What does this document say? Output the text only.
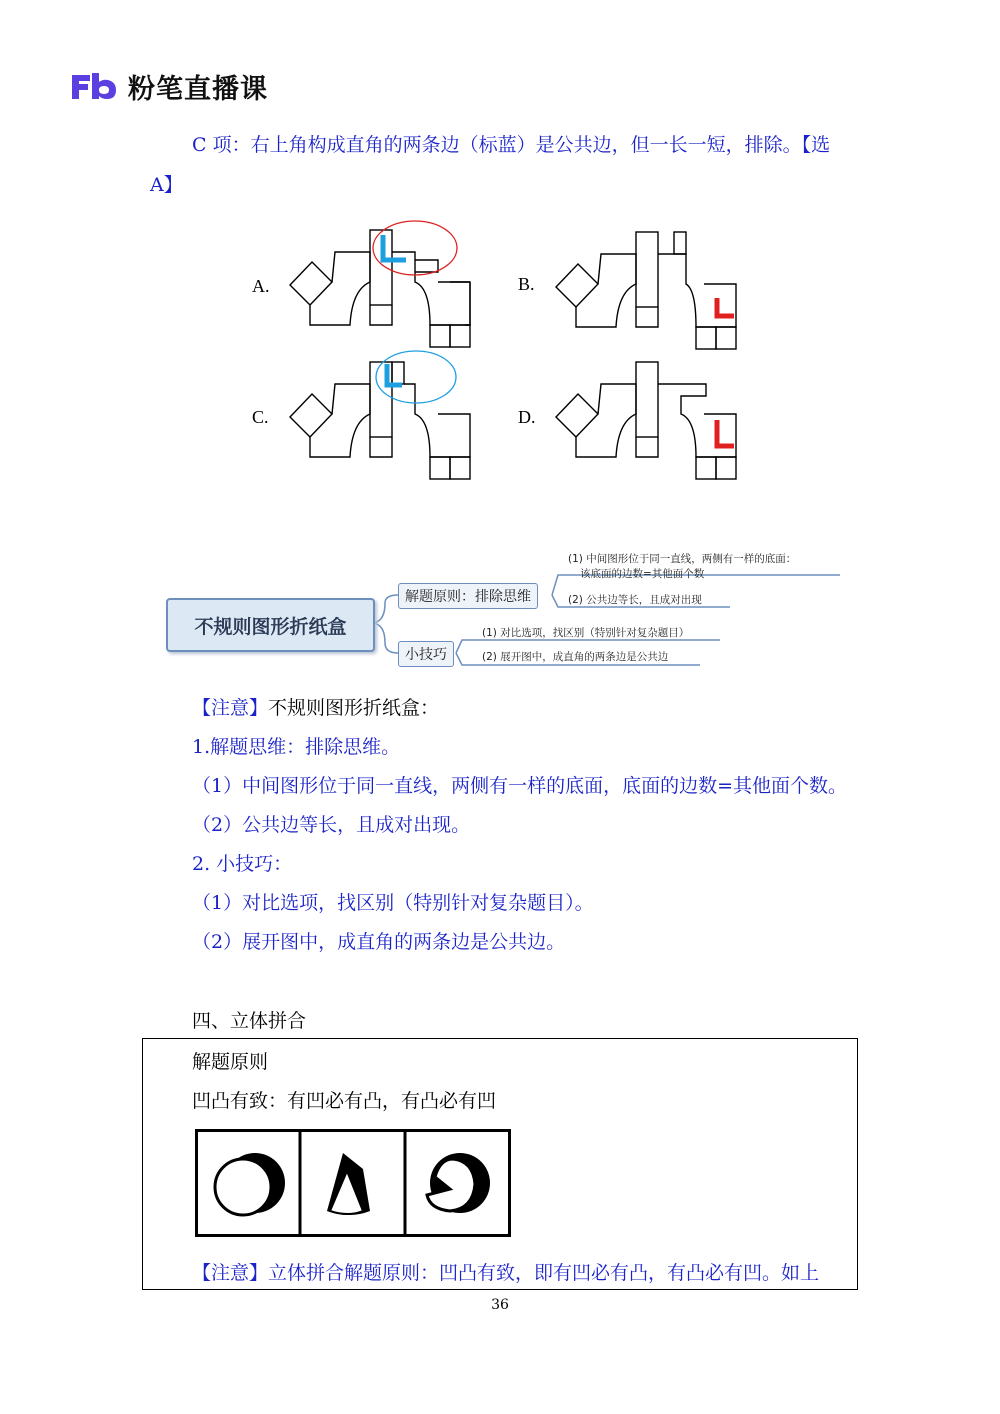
粉笔直播课
C 项：右上角构成直角的两条边（标蓝）是公共边，但一长一短，排除。【选
A】
A.	B.
C.	D.
不规则图形折纸盒
解题原则：排除思维
小技巧
(1) 中间图形位于同一直线，两侧有一样的底面：
该底面的边数=其他面个数
(2) 公共边等长，且成对出现
(1) 对比选项，找区别（特别针对复杂题目）
(2) 展开图中，成直角的两条边是公共边
【注意】不规则图形折纸盒：
1.解题思维：排除思维。
（1）中间图形位于同一直线，两侧有一样的底面，底面的边数=其他面个数。
（2）公共边等长，且成对出现。
2. 小技巧：
（1）对比选项，找区别（特别针对复杂题目）。
（2）展开图中，成直角的两条边是公共边。
四、立体拼合
解题原则
凹凸有致：有凹必有凸，有凸必有凹
【注意】立体拼合解题原则：凹凸有致，即有凹必有凸，有凸必有凹。如上
36
